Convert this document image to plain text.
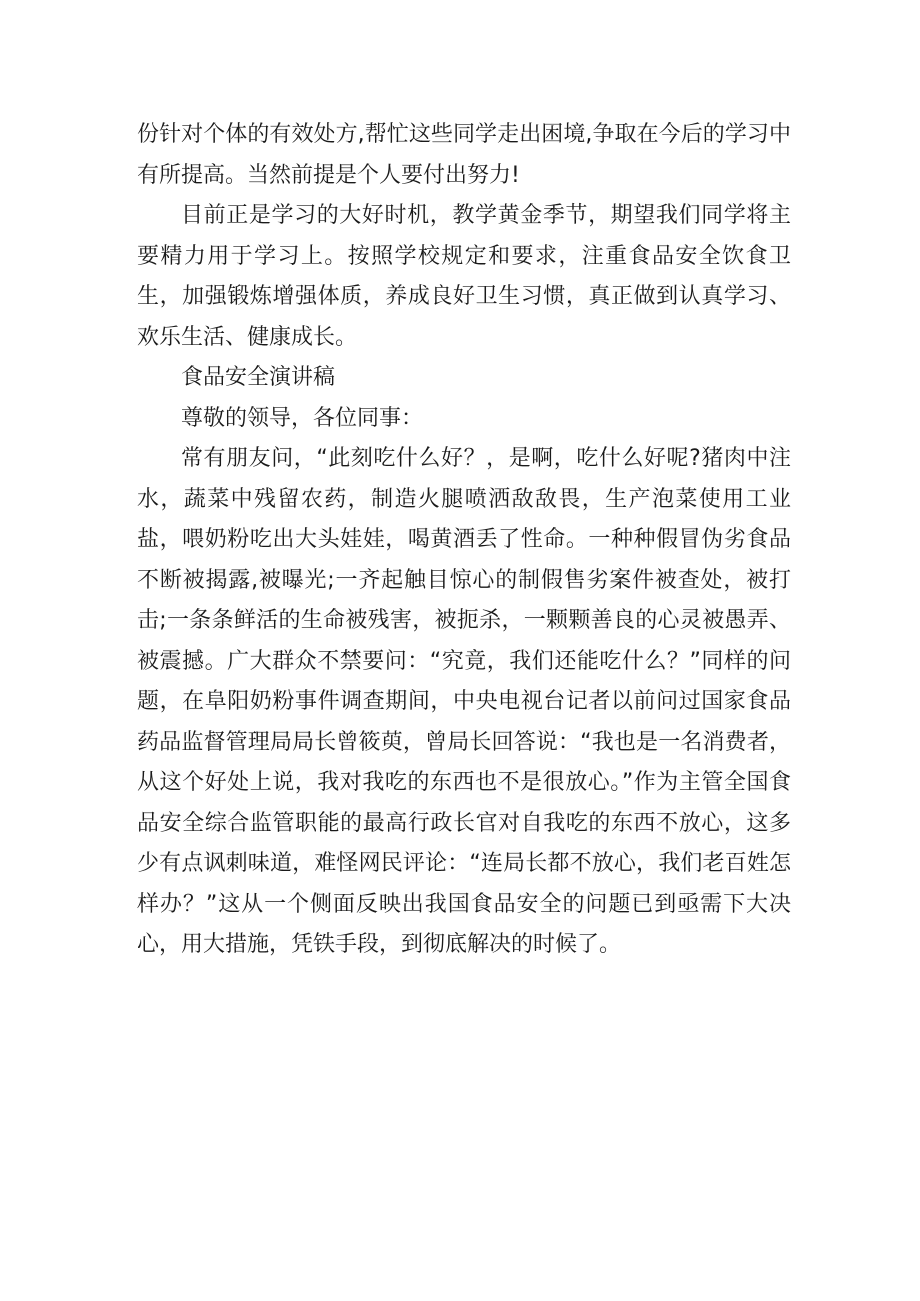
份针对个体的有效处方,帮忙这些同学走出困境,争取在今后的学习中有所提高。当然前提是个人要付出努力!

目前正是学习的大好时机，教学黄金季节，期望我们同学将主要精力用于学习上。按照学校规定和要求，注重食品安全饮食卫生，加强锻炼增强体质，养成良好卫生习惯，真正做到认真学习、欢乐生活、健康成长。

食品安全演讲稿

尊敬的领导，各位同事：

常有朋友问，“此刻吃什么好？，是啊，吃什么好呢?猪肉中注水，蔬菜中残留农药，制造火腿喷洒敌敌畏，生产泡菜使用工业盐，喂奶粉吃出大头娃娃，喝黄酒丢了性命。一种种假冒伪劣食品不断被揭露,被曝光;一齐起触目惊心的制假售劣案件被查处，被打击;一条条鲜活的生命被残害，被扼杀，一颗颗善良的心灵被愚弄、被震撼。广大群众不禁要问：“究竟，我们还能吃什么？”同样的问题，在阜阳奶粉事件调查期间，中央电视台记者以前问过国家食品药品监督管理局局长曾筱萸，曾局长回答说：“我也是一名消费者，从这个好处上说，我对我吃的东西也不是很放心。”作为主管全国食品安全综合监管职能的最高行政长官对自我吃的东西不放心，这多少有点讽刺味道，难怪网民评论：“连局长都不放心，我们老百姓怎样办？”这从一个侧面反映出我国食品安全的问题已到亟需下大决心，用大措施，凭铁手段，到彻底解决的时候了。
